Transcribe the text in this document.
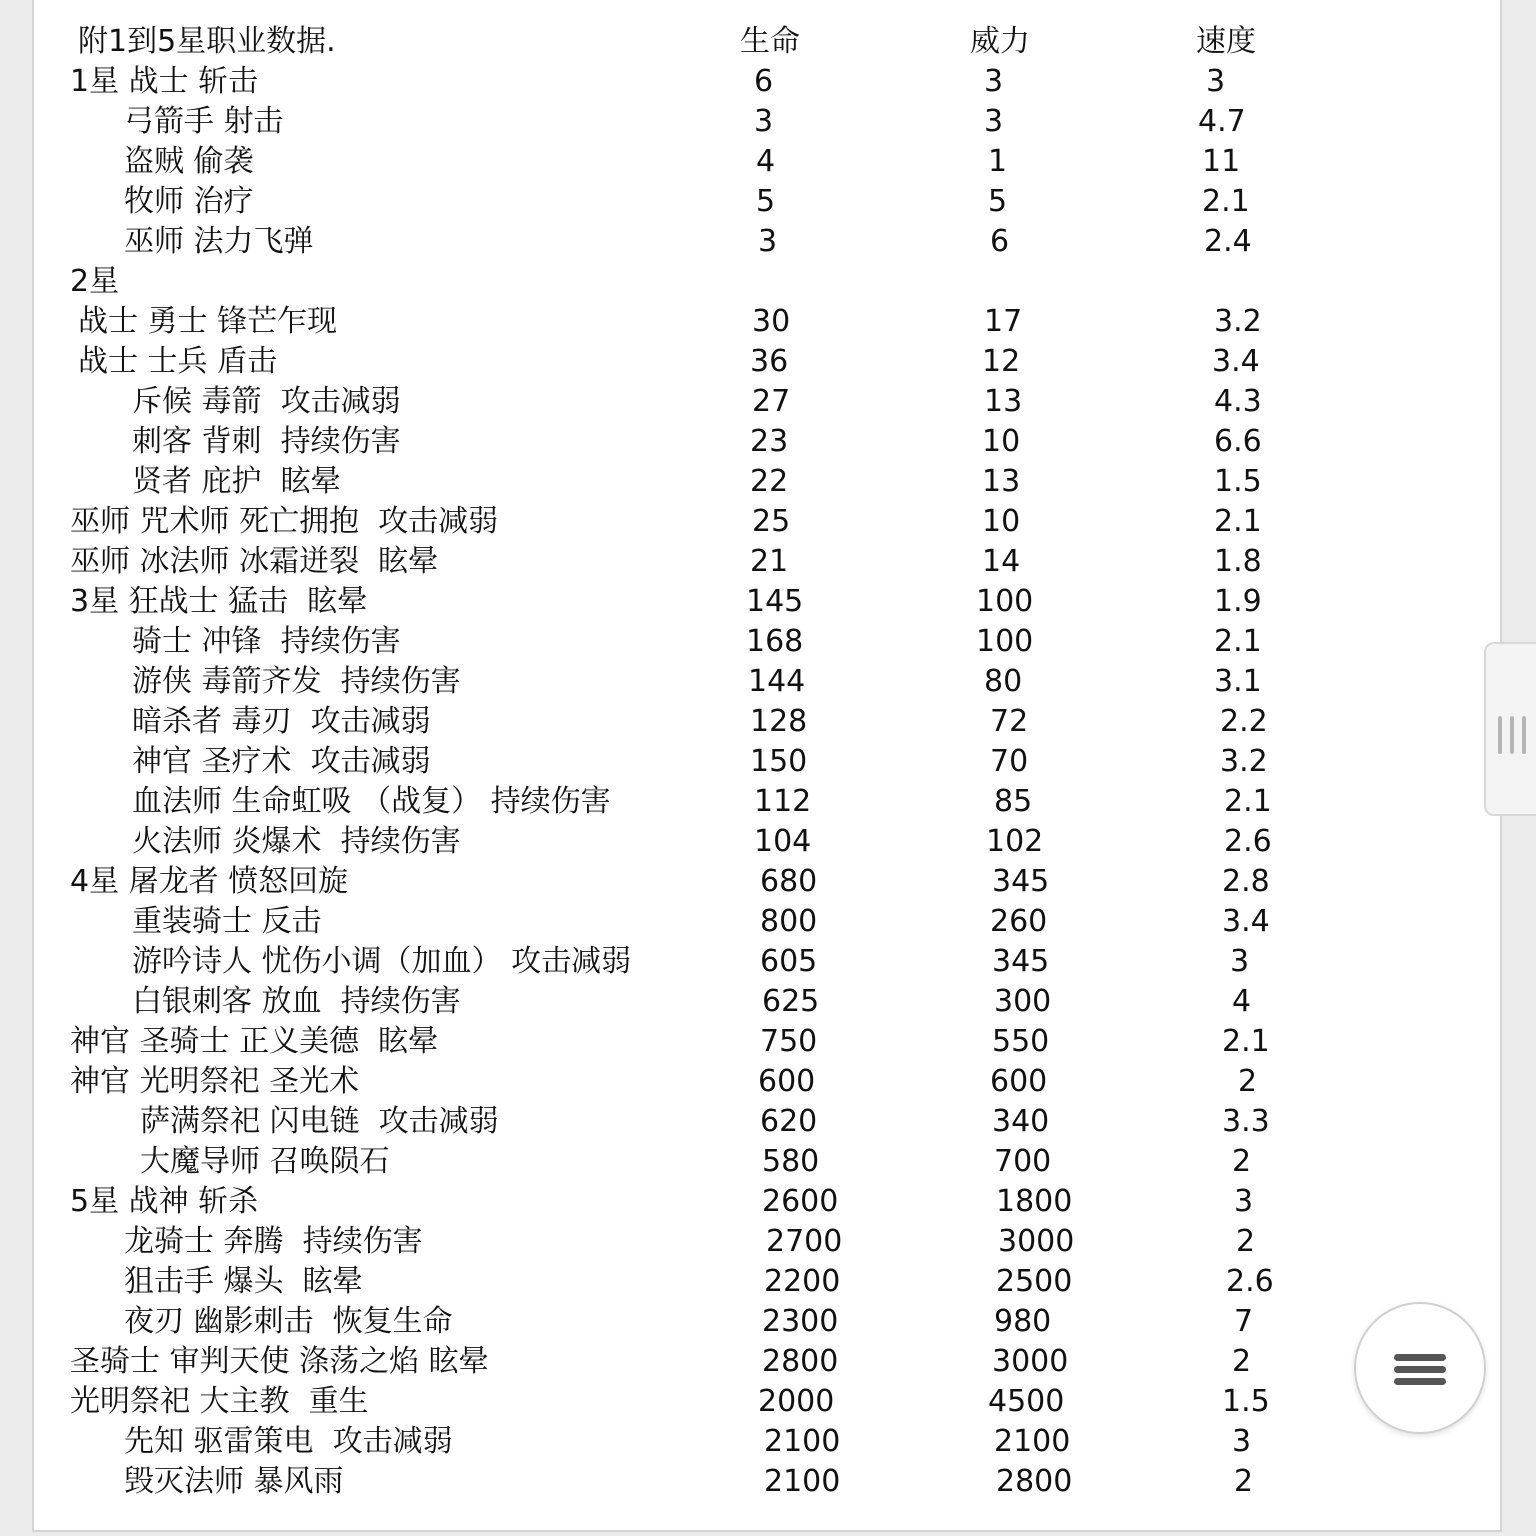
附1到5星职业数据.	生命	威力	速度
1星 战士 斩击	6	3	3
弓箭手 射击	3	3	4.7
盗贼 偷袭	4	1	11
牧师 治疗	5	5	2.1
巫师 法力飞弹	3	6	2.4
2星
战士 勇士 锋芒乍现	30	17	3.2
战士 士兵 盾击	36	12	3.4
斥候 毒箭  攻击减弱	27	13	4.3
刺客 背刺  持续伤害	23	10	6.6
贤者 庇护  眩晕	22	13	1.5
巫师 咒术师 死亡拥抱  攻击减弱	25	10	2.1
巫师 冰法师 冰霜迸裂  眩晕	21	14	1.8
3星 狂战士 猛击  眩晕	145	100	1.9
骑士 冲锋  持续伤害	168	100	2.1
游侠 毒箭齐发  持续伤害	144	80	3.1
暗杀者 毒刃  攻击减弱	128	72	2.2
神官 圣疗术  攻击减弱	150	70	3.2
血法师 生命虹吸 （战复） 持续伤害	112	85	2.1
火法师 炎爆术  持续伤害	104	102	2.6
4星 屠龙者 愤怒回旋	680	345	2.8
重装骑士 反击	800	260	3.4
游吟诗人 忧伤小调（加血） 攻击减弱	605	345	3
白银刺客 放血  持续伤害	625	300	4
神官 圣骑士 正义美德  眩晕	750	550	2.1
神官 光明祭祀 圣光术	600	600	2
萨满祭祀 闪电链  攻击减弱	620	340	3.3
大魔导师 召唤陨石	580	700	2
5星 战神 斩杀	2600	1800	3
龙骑士 奔腾  持续伤害	2700	3000	2
狙击手 爆头  眩晕	2200	2500	2.6
夜刃 幽影刺击  恢复生命	2300	980	7
圣骑士 审判天使 涤荡之焰 眩晕	2800	3000	2
光明祭祀 大主教  重生	2000	4500	1.5
先知 驱雷策电  攻击减弱	2100	2100	3
毁灭法师 暴风雨	2100	2800	2
